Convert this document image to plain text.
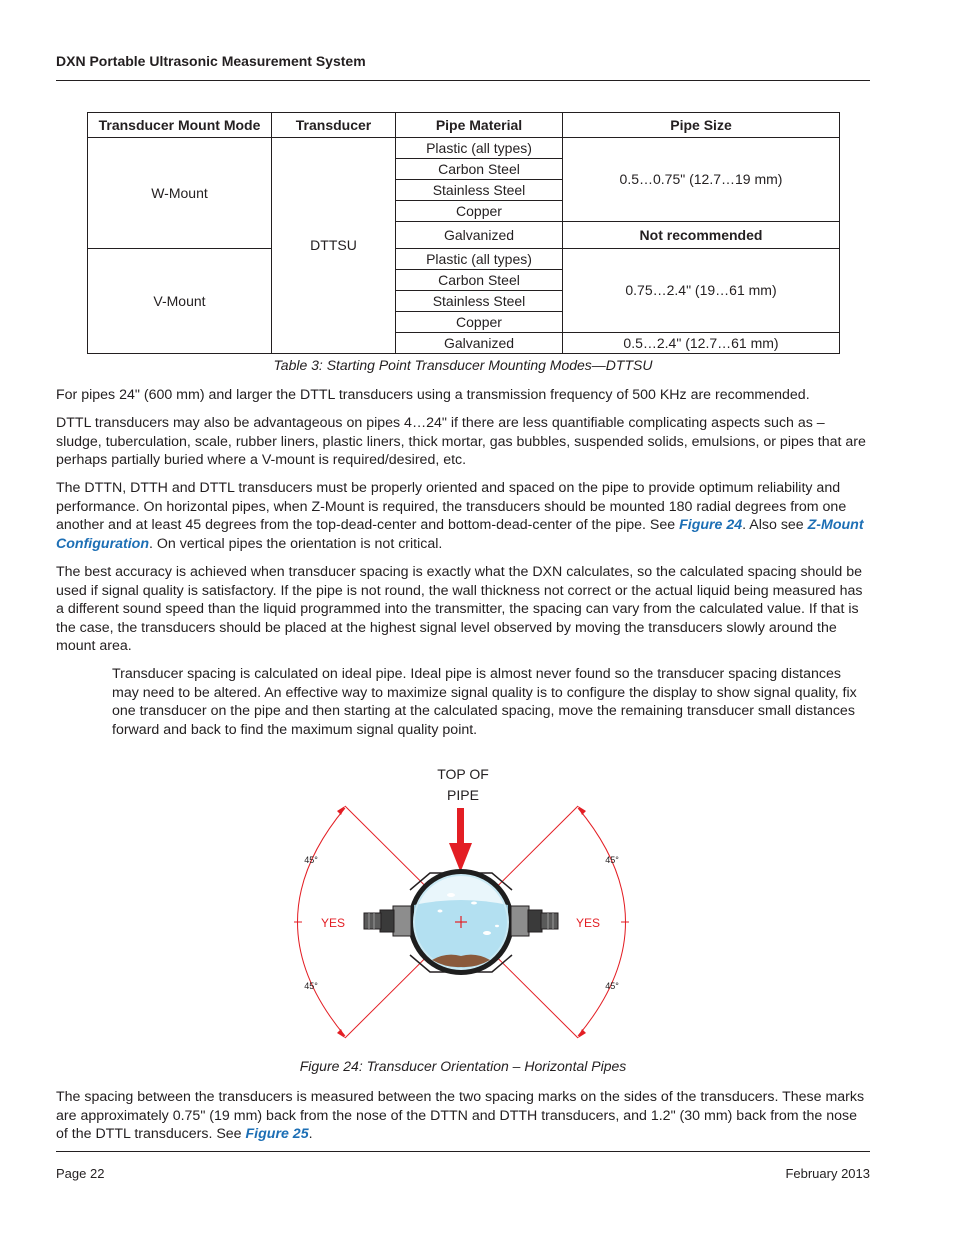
DXN Portable Ultrasonic Measurement System
Transducer Mount Mode	Transducer	Pipe Material	Pipe Size
W-Mount	DTTSU	Plastic (all types)	0.5…0.75" (12.7…19 mm)
		Carbon Steel	
		Stainless Steel	
		Copper	
		Galvanized	Not recommended
V-Mount		Plastic (all types)	0.75…2.4" (19…61 mm)
		Carbon Steel	
		Stainless Steel	
		Copper	
		Galvanized	0.5…2.4" (12.7…61 mm)
Table 3: Starting Point Transducer Mounting Modes—DTTSU

For pipes 24" (600 mm) and larger the DTTL transducers using a transmission frequency of 500 KHz are recommended.

DTTL transducers may also be advantageous on pipes 4…24" if there are less quantifiable complicating aspects such as – sludge, tuberculation, scale, rubber liners, plastic liners, thick mortar, gas bubbles, suspended solids, emulsions, or pipes that are perhaps partially buried where a V-mount is required/desired, etc.

The DTTN, DTTH and DTTL transducers must be properly oriented and spaced on the pipe to provide optimum reliability and performance. On horizontal pipes, when Z-Mount is required, the transducers should be mounted 180 radial degrees from one another and at least 45 degrees from the top-dead-center and bottom-dead-center of the pipe. See Figure 24. Also see Z-Mount Configuration. On vertical pipes the orientation is not critical.

The best accuracy is achieved when transducer spacing is exactly what the DXN calculates, so the calculated spacing should be used if signal quality is satisfactory. If the pipe is not round, the wall thickness not correct or the actual liquid being measured has a different sound speed than the liquid programmed into the transmitter, the spacing can vary from the calculated value. If that is the case, the transducers should be placed at the highest signal level observed by moving the transducers slowly around the mount area.

Transducer spacing is calculated on ideal pipe. Ideal pipe is almost never found so the transducer spacing distances may need to be altered. An effective way to maximize signal quality is to configure the display to show signal quality, fix one transducer on the pipe and then starting at the calculated spacing, move the remaining transducer small distances forward and back to find the maximum signal quality point.

TOP OF
PIPE
45°	45°
45°	45°
YES	YES
Figure 24: Transducer Orientation – Horizontal Pipes

The spacing between the transducers is measured between the two spacing marks on the sides of the transducers. These marks are approximately 0.75" (19 mm) back from the nose of the DTTN and DTTH transducers, and 1.2" (30 mm) back from the nose of the DTTL transducers. See Figure 25.

Page 22	February 2013
